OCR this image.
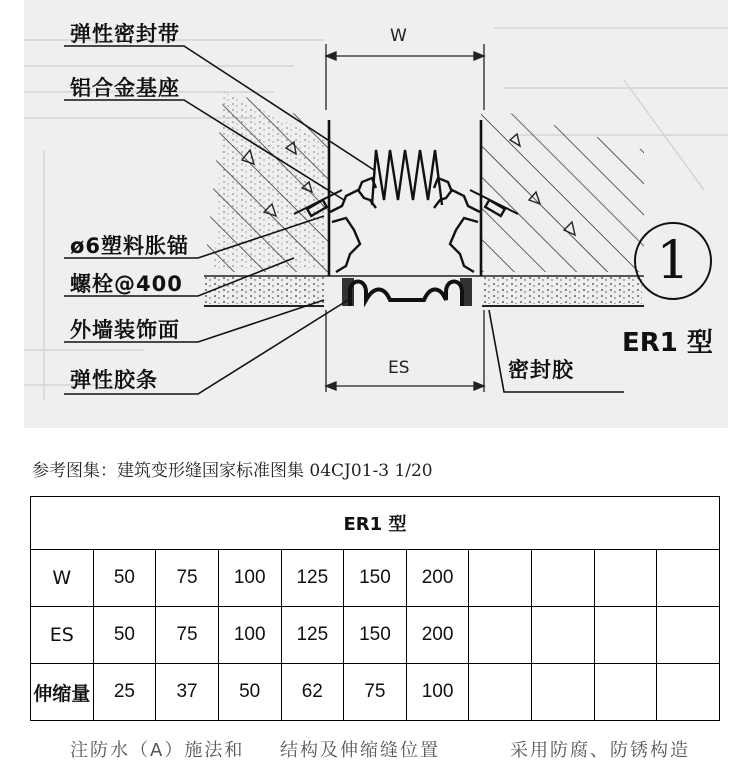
弹性密封带
铝合金基座
ø6塑料胀锚
螺栓@400
外墙装饰面
弹性胶条	密封胶
W
ES
1
ER1 型
参考图集：建筑变形缝国家标准图集 04CJ01-3 1/20
ER1 型										
W	50	75	100	125	150	200				
ES	50	75	100	125	150	200				
伸缩量	25	37	50	62	75	100				
注防水（A）施法和 结构及伸缩缝位置	采用防腐、防锈构造
